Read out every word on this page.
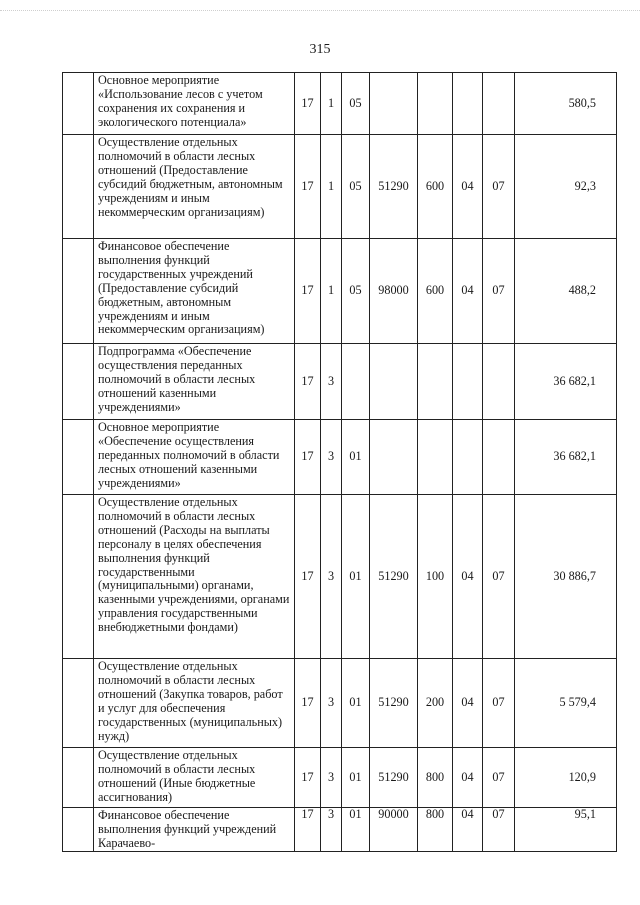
315
	Основное мероприятие «Использование лесов с учетом сохранения их сохранения и экологического потенциала»	17	1	05					580,5
	Осуществление отдельных полномочий в области лесных отношений (Предоставление субсидий бюджетным, автономным учреждениям и иным некоммерческим организациям)	17	1	05	51290	600	04	07	92,3
	Финансовое обеспечение выполнения функций государственных учреждений (Предоставление субсидий бюджетным, автономным учреждениям и иным некоммерческим организациям)	17	1	05	98000	600	04	07	488,2
	Подпрограмма «Обеспечение осуществления переданных полномочий в области лесных отношений казенными учреждениями»	17	3						36 682,1
	Основное мероприятие «Обеспечение осуществления переданных полномочий в области лесных отношений казенными учреждениями»	17	3	01					36 682,1
	Осуществление отдельных полномочий в области лесных отношений (Расходы на выплаты персоналу в целях обеспечения выполнения функций государственными (муниципальными) органами, казенными учреждениями, органами управления государственными внебюджетными фондами)	17	3	01	51290	100	04	07	30 886,7
	Осуществление отдельных полномочий в области лесных отношений (Закупка товаров, работ и услуг для обеспечения государственных (муниципальных) нужд)	17	3	01	51290	200	04	07	5 579,4
	Осуществление отдельных полномочий в области лесных отношений (Иные бюджетные ассигнования)	17	3	01	51290	800	04	07	120,9
	Финансовое обеспечение выполнения функций учреждений Карачаево-	17	3	01	90000	800	04	07	95,1
